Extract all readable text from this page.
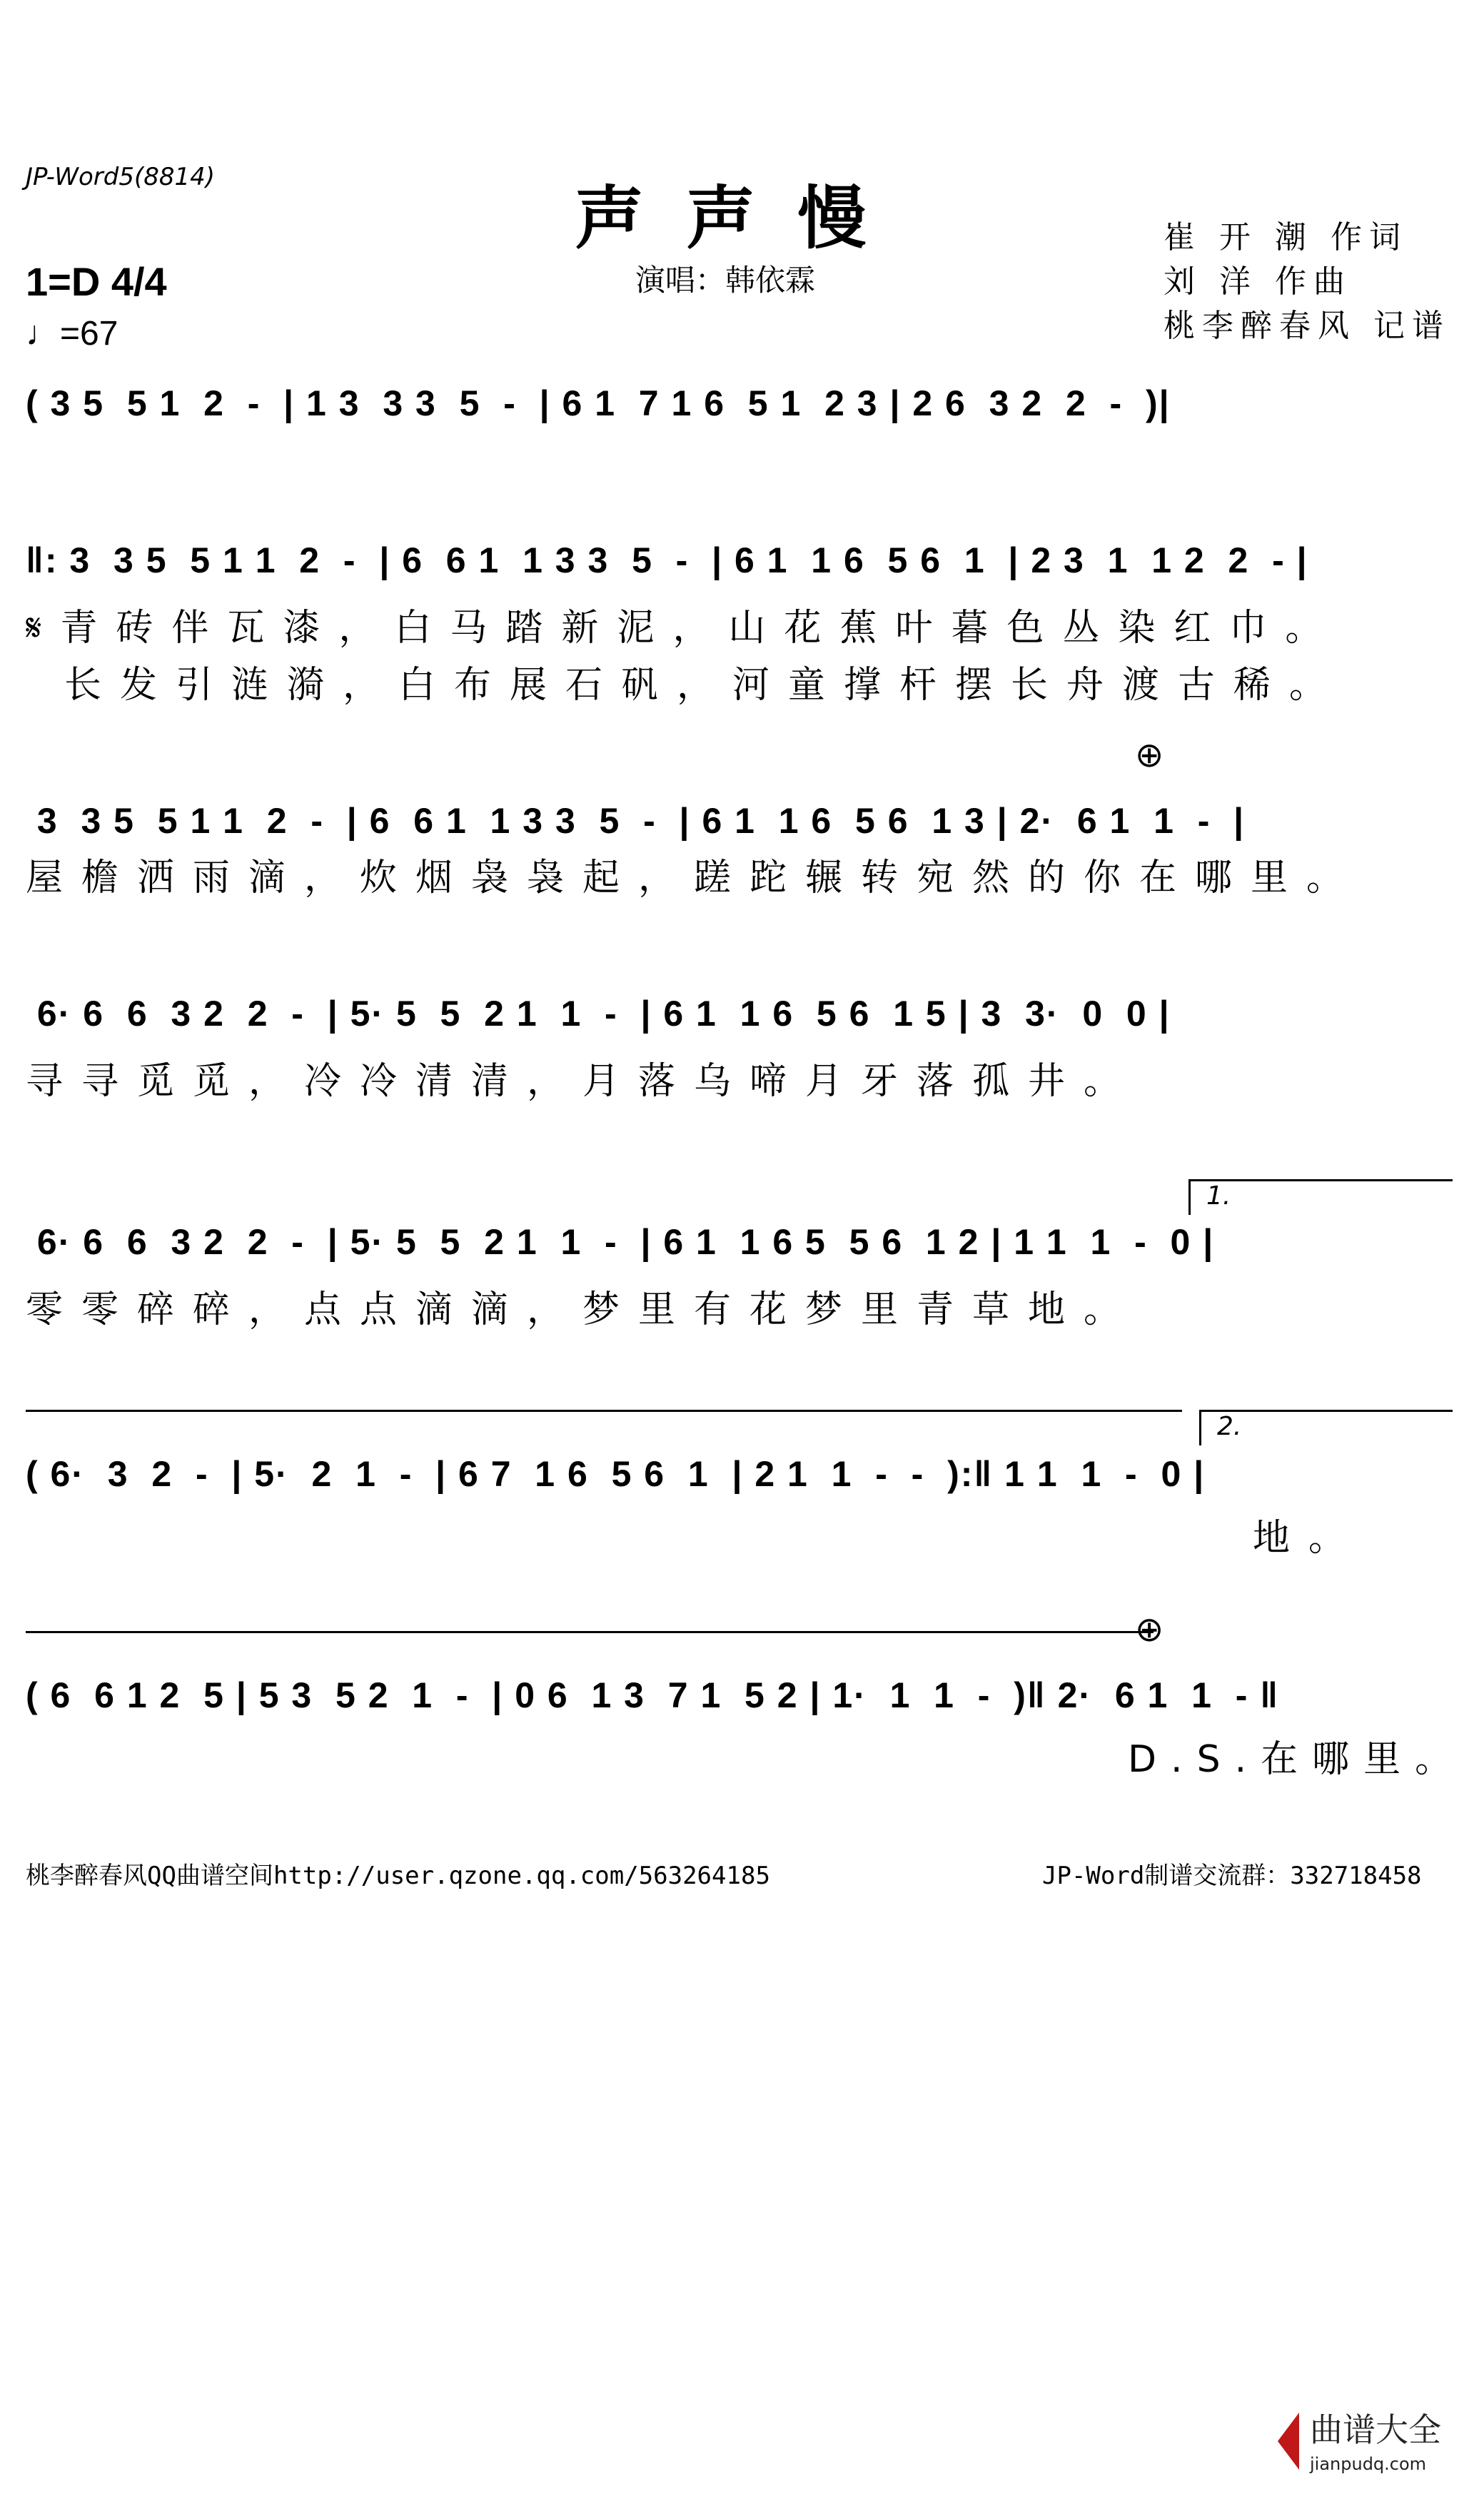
JP-Word5(8814)
声声慢
演唱：韩依霖
1=D 4/4
♩=67
崔 开 潮 作词
刘 洋 作曲
桃李醉春风 记谱
( 3 5  5 1  2  -  | 1 3  3 3  5  -  | 6 1  7 1 6  5 1  2 3 | 2 6  3 2  2  -  )|
‖: 3  3 5  5 1 1  2  -  | 6  6 1  1 3 3  5  -  | 6 1  1 6  5 6  1  | 2 3  1  1 2  2  - |
𝄋青砖伴瓦漆，白马踏新泥，山花蕉叶暮色丛染红巾。
长发引涟漪，白布展石矾，河童撑杆摆长舟渡古稀。
⊕
3  3 5  5 1 1  2  -  | 6  6 1  1 3 3  5  -  | 6 1  1 6  5 6  1 3 | 2·  6 1  1  -  |
屋檐洒雨滴，炊烟袅袅起，蹉跎辗转宛然的你在哪里。
6· 6  6  3 2  2  -  | 5· 5  5  2 1  1  -  | 6 1  1 6  5 6  1 5 | 3  3·  0  0 |
寻寻觅觅，冷冷清清，月落乌啼月牙落孤井。
1.
6· 6  6  3 2  2  -  | 5· 5  5  2 1  1  -  | 6 1  1 6 5  5 6  1 2 | 1 1  1  -  0 |
零零碎碎，点点滴滴，梦里有花梦里青草地。
2.
( 6·  3  2  -  | 5·  2  1  -  | 6 7  1 6  5 6  1  | 2 1  1  -  -  ):‖ 1 1  1  -  0 |
地。
⊕
( 6  6 1 2  5 | 5 3  5 2  1  -  | 0 6  1 3  7 1  5 2 | 1·  1  1  -  )‖ 2·  6 1  1  - ‖
D.S.在哪里。
桃李醉春风QQ曲谱空间http://user.qzone.qq.com/563264185	JP-Word制谱交流群：332718458
曲谱大全
jianpudq.com
